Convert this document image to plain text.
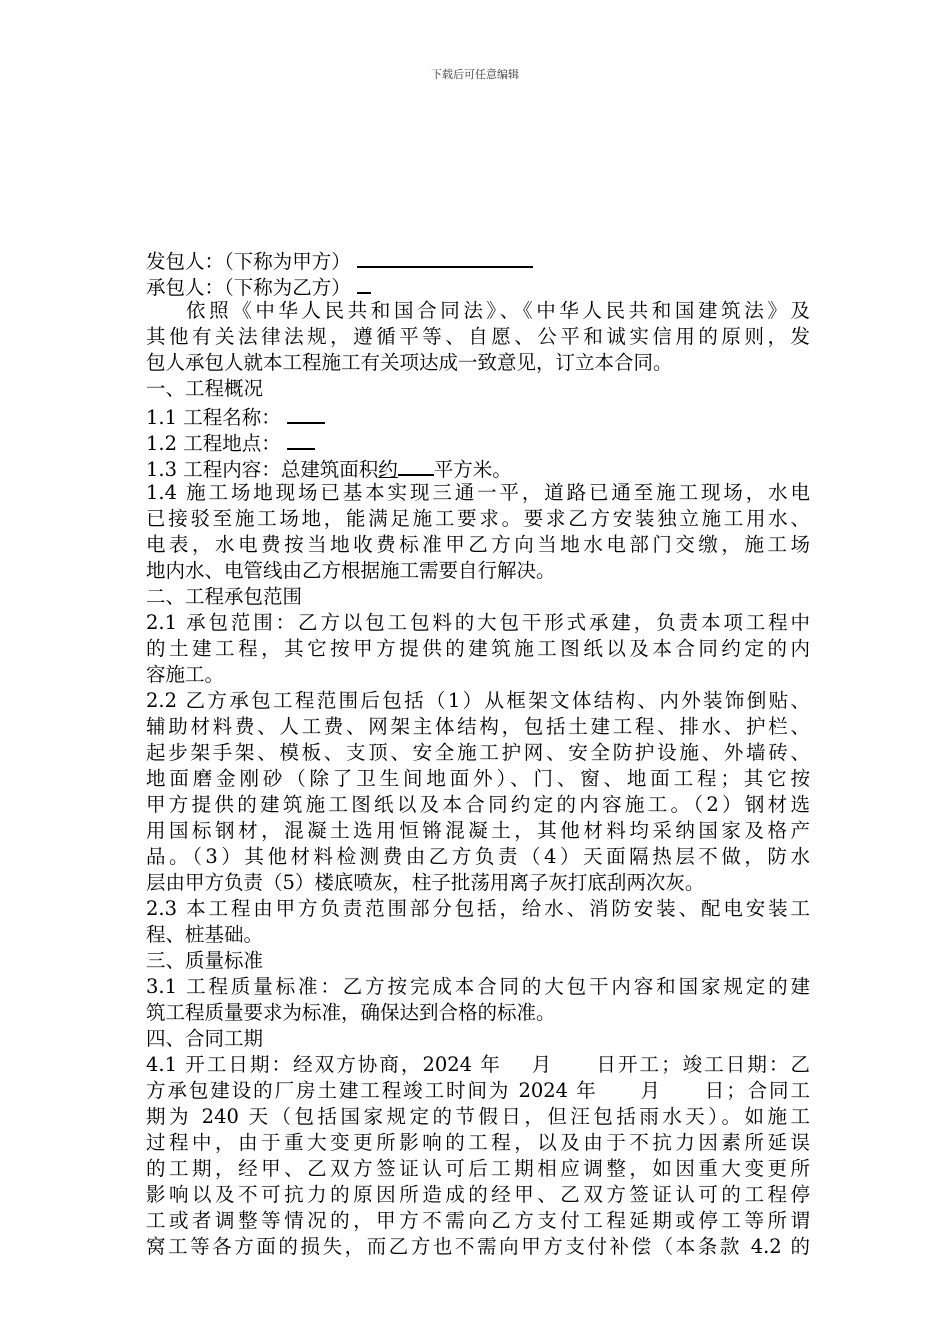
下载后可任意编辑
发包人：（下称为甲方）
承包人：（下称为乙方）
依照《中华人民共和国合同法》、《中华人民共和国建筑法》及
其他有关法律法规，遵循平等、自愿、公平和诚实信用的原则，发
包人承包人就本工程施工有关项达成一致意见，订立本合同。
一、工程概况
1.1 工程名称：
1.2 工程地点：
1.3 工程内容：总建筑面积约 平方米。
1.4 施工场地现场已基本实现三通一平，道路已通至施工现场，水电
已接驳至施工场地，能满足施工要求。要求乙方安装独立施工用水、
电表，水电费按当地收费标准甲乙方向当地水电部门交缴，施工场
地内水、电管线由乙方根据施工需要自行解决。
二、工程承包范围
2.1 承包范围：乙方以包工包料的大包干形式承建，负责本项工程中
的土建工程，其它按甲方提供的建筑施工图纸以及本合同约定的内
容施工。
2.2 乙方承包工程范围后包括（1）从框架文体结构、内外装饰倒贴、
辅助材料费、人工费、网架主体结构，包括土建工程、排水、护栏、
起步架手架、模板、支顶、安全施工护网、安全防护设施、外墙砖、
地面磨金刚砂（除了卫生间地面外）、门、窗、地面工程；其它按
甲方提供的建筑施工图纸以及本合同约定的内容施工。（2）钢材选
用国标钢材，混凝土选用恒锵混凝土，其他材料均采纳国家及格产
品。（3）其他材料检测费由乙方负责（4）天面隔热层不做，防水
层由甲方负责（5）楼底喷灰，柱子批荡用离子灰打底刮两次灰。
2.3 本工程由甲方负责范围部分包括，给水、消防安装、配电安装工
程、桩基础。
三、质量标准
3.1 工程质量标准：乙方按完成本合同的大包干内容和国家规定的建
筑工程质量要求为标准，确保达到合格的标准。
四、合同工期
4.1 开工日期：经双方协商，2024 年　 月　　日开工；竣工日期：乙
方承包建设的厂房土建工程竣工时间为 2024 年　　月　　日；合同工
期为 240 天（包括国家规定的节假日，但汪包括雨水天）。如施工
过程中，由于重大变更所影响的工程，以及由于不抗力因素所延误
的工期，经甲、乙双方签证认可后工期相应调整，如因重大变更所
影响以及不可抗力的原因所造成的经甲、乙双方签证认可的工程停
工或者调整等情况的，甲方不需向乙方支付工程延期或停工等所谓
窝工等各方面的损失，而乙方也不需向甲方支付补偿（本条款 4.2 的
